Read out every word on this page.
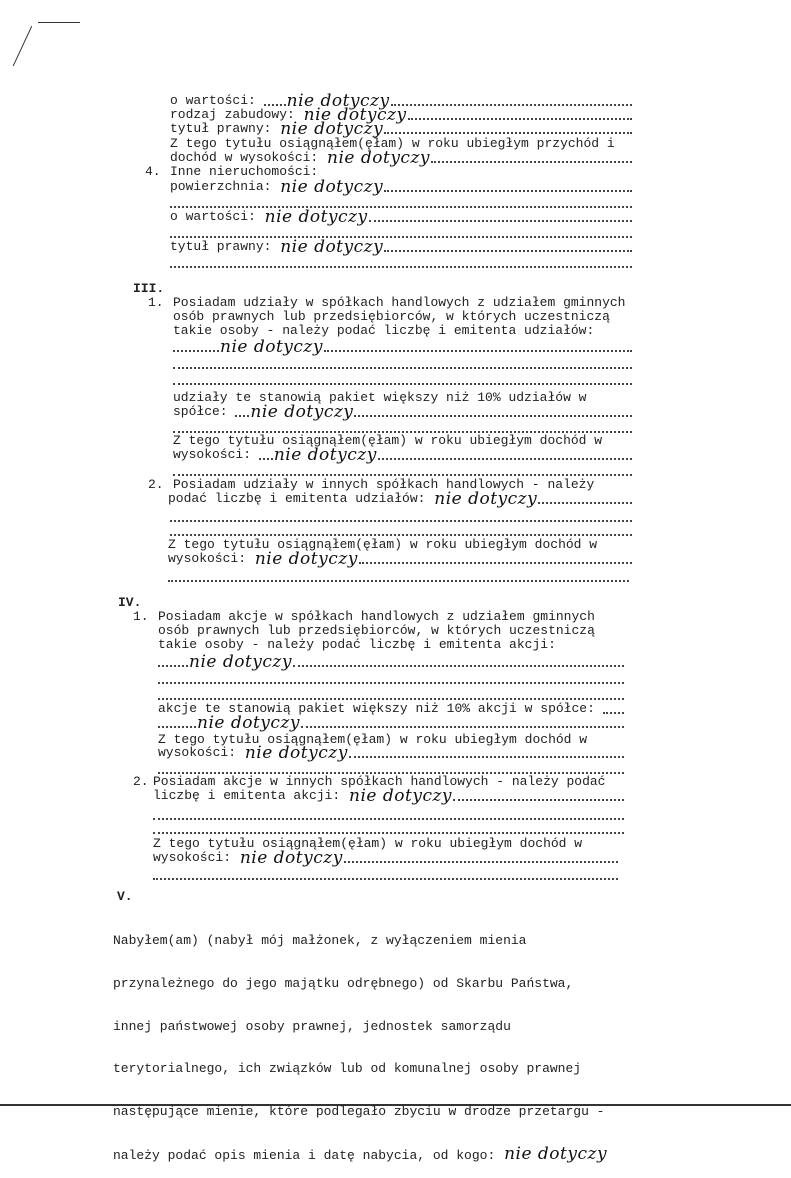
o wartości: nie dotyczy
rodzaj zabudowy: nie dotyczy
tytuł prawny: nie dotyczy
Z tego tytułu osiągnąłem(ęłam) w roku ubiegłym przychód i
dochód w wysokości: nie dotyczy
4. Inne nieruchomości:
powierzchnia: nie dotyczy
o wartości: nie dotyczy
tytuł prawny: nie dotyczy
III.
1. Posiadam udziały w spółkach handlowych z udziałem gminnych
osób prawnych lub przedsiębiorców, w których uczestniczą
takie osoby - należy podać liczbę i emitenta udziałów:
nie dotyczy
udziały te stanowią pakiet większy niż 10% udziałów w
spółce: nie dotyczy
Z tego tytułu osiągnąłem(ęłam) w roku ubiegłym dochód w
wysokości: nie dotyczy
2. Posiadam udziały w innych spółkach handlowych - należy
podać liczbę i emitenta udziałów: nie dotyczy
Z tego tytułu osiągnąłem(ęłam) w roku ubiegłym dochód w
wysokości: nie dotyczy
IV.
1. Posiadam akcje w spółkach handlowych z udziałem gminnych
osób prawnych lub przedsiębiorców, w których uczestniczą
takie osoby - należy podać liczbę i emitenta akcji:
nie dotyczy
akcje te stanowią pakiet większy niż 10% akcji w spółce:
nie dotyczy
Z tego tytułu osiągnąłem(ęłam) w roku ubiegłym dochód w
wysokości: nie dotyczy
2. Posiadam akcje w innych spółkach handlowych - należy podać
liczbę i emitenta akcji: nie dotyczy
Z tego tytułu osiągnąłem(ęłam) w roku ubiegłym dochód w
wysokości: nie dotyczy
V.

Nabyłem(am) (nabył mój małżonek, z wyłączeniem mienia

przynależnego do jego majątku odrębnego) od Skarbu Państwa,

innej państwowej osoby prawnej, jednostek samorządu

terytorialnego, ich związków lub od komunalnej osoby prawnej

następujące mienie, które podlegało zbyciu w drodze przetargu -

należy podać opis mienia i datę nabycia, od kogo: nie dotyczy
